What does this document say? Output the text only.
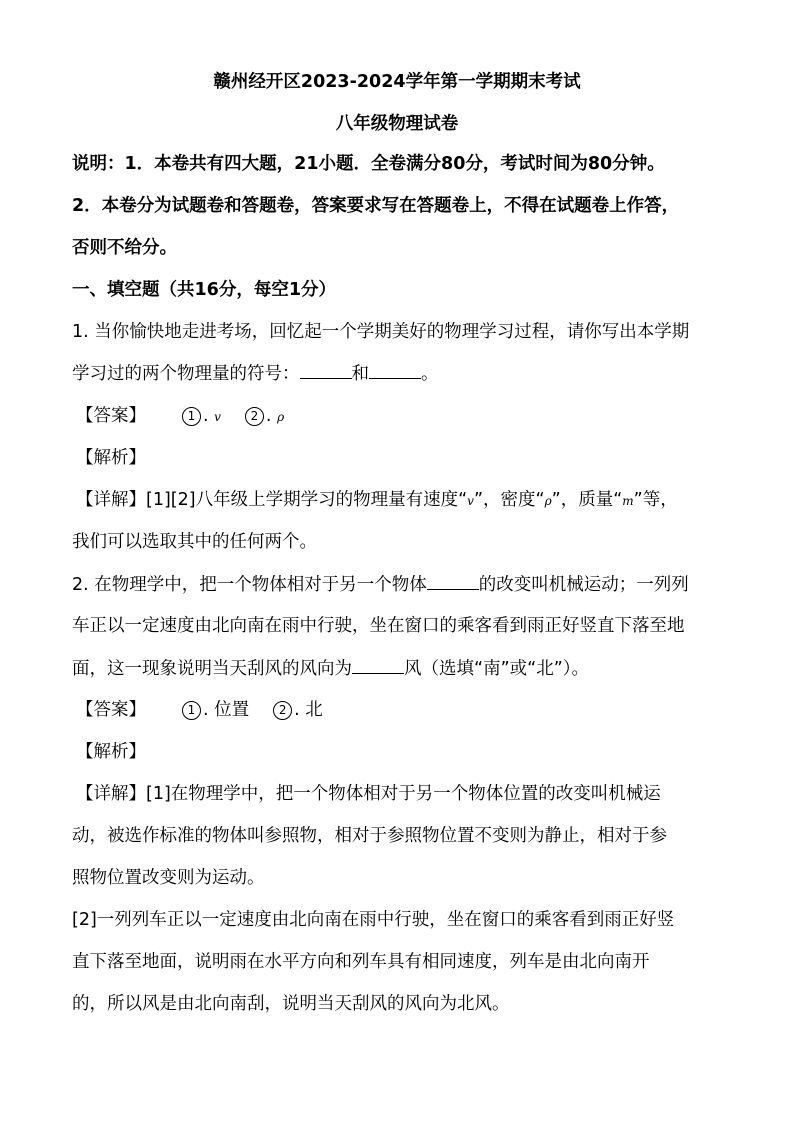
赣州经开区2023-2024学年第一学期期末考试
八年级物理试卷
说明：1．本卷共有四大题，21小题．全卷满分80分，考试时间为80分钟。
2．本卷分为试题卷和答题卷，答案要求写在答题卷上，不得在试题卷上作答，
否则不给分。
一、填空题（共16分，每空1分）
1. 当你愉快地走进考场，回忆起一个学期美好的物理学习过程，请你写出本学期
学习过的两个物理量的符号：	和	。
【答案】	1 . v 2 . ρ
【解析】
【详解】[1][2]八年级上学期学习的物理量有速度“v”，密度“ρ”，质量“m”等，
我们可以选取其中的任何两个。
2. 在物理学中，把一个物体相对于另一个物体	的改变叫机械运动；一列列
车正以一定速度由北向南在雨中行驶，坐在窗口的乘客看到雨正好竖直下落至地
面，这一现象说明当天刮风的风向为	风（选填“南”或“北”）。
【答案】	1 . 位置 2 . 北
【解析】
【详解】[1]在物理学中，把一个物体相对于另一个物体位置的改变叫机械运
动，被选作标准的物体叫参照物，相对于参照物位置不变则为静止，相对于参
照物位置改变则为运动。
[2]一列列车正以一定速度由北向南在雨中行驶，坐在窗口的乘客看到雨正好竖
直下落至地面，说明雨在水平方向和列车具有相同速度，列车是由北向南开
的，所以风是由北向南刮，说明当天刮风的风向为北风。
